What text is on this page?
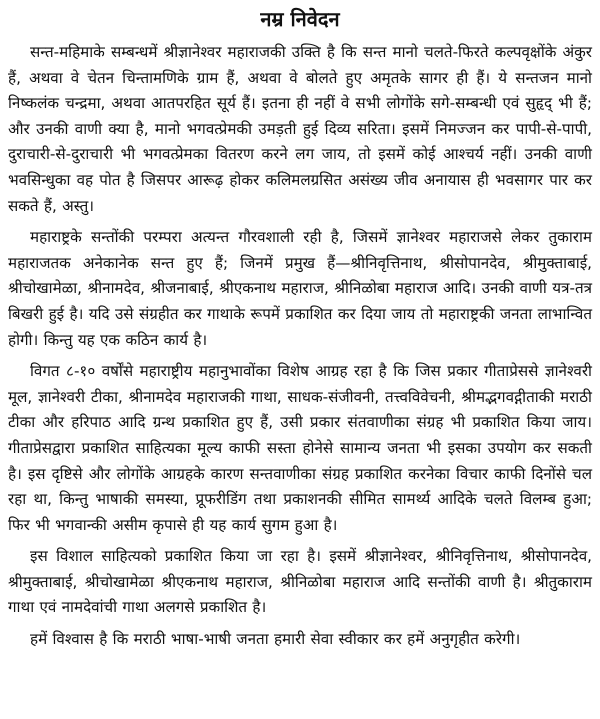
नम्र निवेदन

सन्त-महिमाके सम्बन्धमें श्रीज्ञानेश्वर महाराजकी उक्ति है कि सन्त मानो चलते-फिरते कल्पवृक्षोंके अंकुर हैं, अथवा वे चेतन चिन्तामणिके ग्राम हैं, अथवा वे बोलते हुए अमृतके सागर ही हैं। ये सन्तजन मानो निष्कलंक चन्द्रमा, अथवा आतपरहित सूर्य हैं। इतना ही नहीं वे सभी लोगोंके सगे-सम्बन्धी एवं सुहृद् भी हैं; और उनकी वाणी क्या है, मानो भगवत्प्रेमकी उमड़ती हुई दिव्य सरिता। इसमें निमज्जन कर पापी-से-पापी, दुराचारी-से-दुराचारी भी भगवत्प्रेमका वितरण करने लग जाय, तो इसमें कोई आश्चर्य नहीं। उनकी वाणी भवसिन्धुका वह पोत है जिसपर आरूढ़ होकर कलिमलग्रसित असंख्य जीव अनायास ही भवसागर पार कर सकते हैं, अस्तु।

महाराष्ट्रके सन्तोंकी परम्परा अत्यन्त गौरवशाली रही है, जिसमें ज्ञानेश्वर महाराजसे लेकर तुकाराम महाराजतक अनेकानेक सन्त हुए हैं; जिनमें प्रमुख हैं—श्रीनिवृत्तिनाथ, श्रीसोपानदेव, श्रीमुक्ताबाई, श्रीचोखामेळा, श्रीनामदेव, श्रीजनाबाई, श्रीएकनाथ महाराज, श्रीनिळोबा महाराज आदि। उनकी वाणी यत्र-तत्र बिखरी हुई है। यदि उसे संग्रहीत कर गाथाके रूपमें प्रकाशित कर दिया जाय तो महाराष्ट्रकी जनता लाभान्वित होगी। किन्तु यह एक कठिन कार्य है।

विगत ८-१० वर्षोंसे महाराष्ट्रीय महानुभावोंका विशेष आग्रह रहा है कि जिस प्रकार गीताप्रेससे ज्ञानेश्वरी मूल, ज्ञानेश्वरी टीका, श्रीनामदेव महाराजकी गाथा, साधक-संजीवनी, तत्त्वविवेचनी, श्रीमद्भगवद्गीताकी मराठी टीका और हरिपाठ आदि ग्रन्थ प्रकाशित हुए हैं, उसी प्रकार संतवाणीका संग्रह भी प्रकाशित किया जाय। गीताप्रेसद्वारा प्रकाशित साहित्यका मूल्य काफी सस्ता होनेसे सामान्य जनता भी इसका उपयोग कर सकती है। इस दृष्टिसे और लोगोंके आग्रहके कारण सन्तवाणीका संग्रह प्रकाशित करनेका विचार काफी दिनोंसे चल रहा था, किन्तु भाषाकी समस्या, प्रूफरीडिंग तथा प्रकाशनकी सीमित सामर्थ्य आदिके चलते विलम्ब हुआ; फिर भी भगवान्की असीम कृपासे ही यह कार्य सुगम हुआ है।

इस विशाल साहित्यको प्रकाशित किया जा रहा है। इसमें श्रीज्ञानेश्वर, श्रीनिवृत्तिनाथ, श्रीसोपानदेव, श्रीमुक्ताबाई, श्रीचोखामेळा श्रीएकनाथ महाराज, श्रीनिळोबा महाराज आदि सन्तोंकी वाणी है। श्रीतुकाराम गाथा एवं नामदेवांची गाथा अलगसे प्रकाशित है।

हमें विश्वास है कि मराठी भाषा-भाषी जनता हमारी सेवा स्वीकार कर हमें अनुगृहीत करेगी।
